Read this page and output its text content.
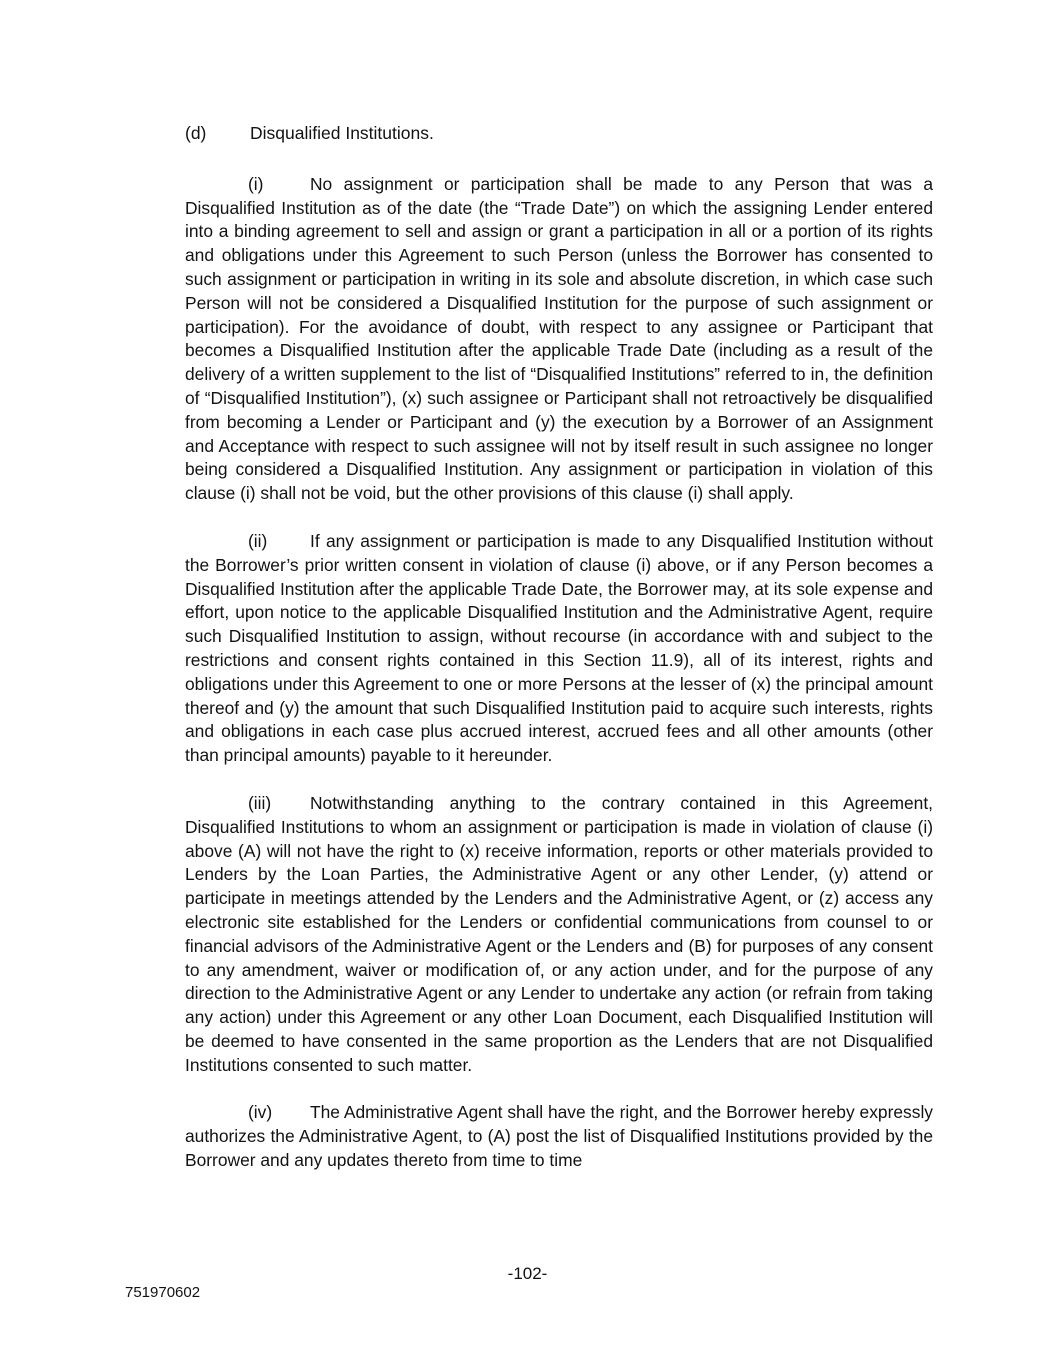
(d) Disqualified Institutions.

(i)	No assignment or participation shall be made to any Person that was a Disqualified Institution as of the date (the “Trade Date”) on which the assigning Lender entered into a binding agreement to sell and assign or grant a participation in all or a portion of its rights and obligations under this Agreement to such Person (unless the Borrower has consented to such assignment or participation in writing in its sole and absolute discretion, in which case such Person will not be considered a Disqualified Institution for the purpose of such assignment or participation). For the avoidance of doubt, with respect to any assignee or Participant that becomes a Disqualified Institution after the applicable Trade Date (including as a result of the delivery of a written supplement to the list of “Disqualified Institutions” referred to in, the definition of “Disqualified Institution”), (x) such assignee or Participant shall not retroactively be disqualified from becoming a Lender or Participant and (y) the execution by a Borrower of an Assignment and Acceptance with respect to such assignee will not by itself result in such assignee no longer being considered a Disqualified Institution. Any assignment or participation in violation of this clause (i) shall not be void, but the other provisions of this clause (i) shall apply.

(ii) If any assignment or participation is made to any Disqualified Institution without the Borrower’s prior written consent in violation of clause (i) above, or if any Person becomes a Disqualified Institution after the applicable Trade Date, the Borrower may, at its sole expense and effort, upon notice to the applicable Disqualified Institution and the Administrative Agent, require such Disqualified Institution to assign, without recourse (in accordance with and subject to the restrictions and consent rights contained in this Section 11.9), all of its interest, rights and obligations under this Agreement to one or more Persons at the lesser of (x) the principal amount thereof and (y) the amount that such Disqualified Institution paid to acquire such interests, rights and obligations in each case plus accrued interest, accrued fees and all other amounts (other than principal amounts) payable to it hereunder.

(iii) Notwithstanding anything to the contrary contained in this Agreement, Disqualified Institutions to whom an assignment or participation is made in violation of clause (i) above (A) will not have the right to (x) receive information, reports or other materials provided to Lenders by the Loan Parties, the Administrative Agent or any other Lender, (y) attend or participate in meetings attended by the Lenders and the Administrative Agent, or (z) access any electronic site established for the Lenders or confidential communications from counsel to or financial advisors of the Administrative Agent or the Lenders and (B) for purposes of any consent to any amendment, waiver or modification of, or any action under, and for the purpose of any direction to the Administrative Agent or any Lender to undertake any action (or refrain from taking any action) under this Agreement or any other Loan Document, each Disqualified Institution will be deemed to have consented in the same proportion as the Lenders that are not Disqualified Institutions consented to such matter.

(iv) The Administrative Agent shall have the right, and the Borrower hereby expressly authorizes the Administrative Agent, to (A) post the list of Disqualified Institutions provided by the Borrower and any updates thereto from time to time

-102-
751970602
